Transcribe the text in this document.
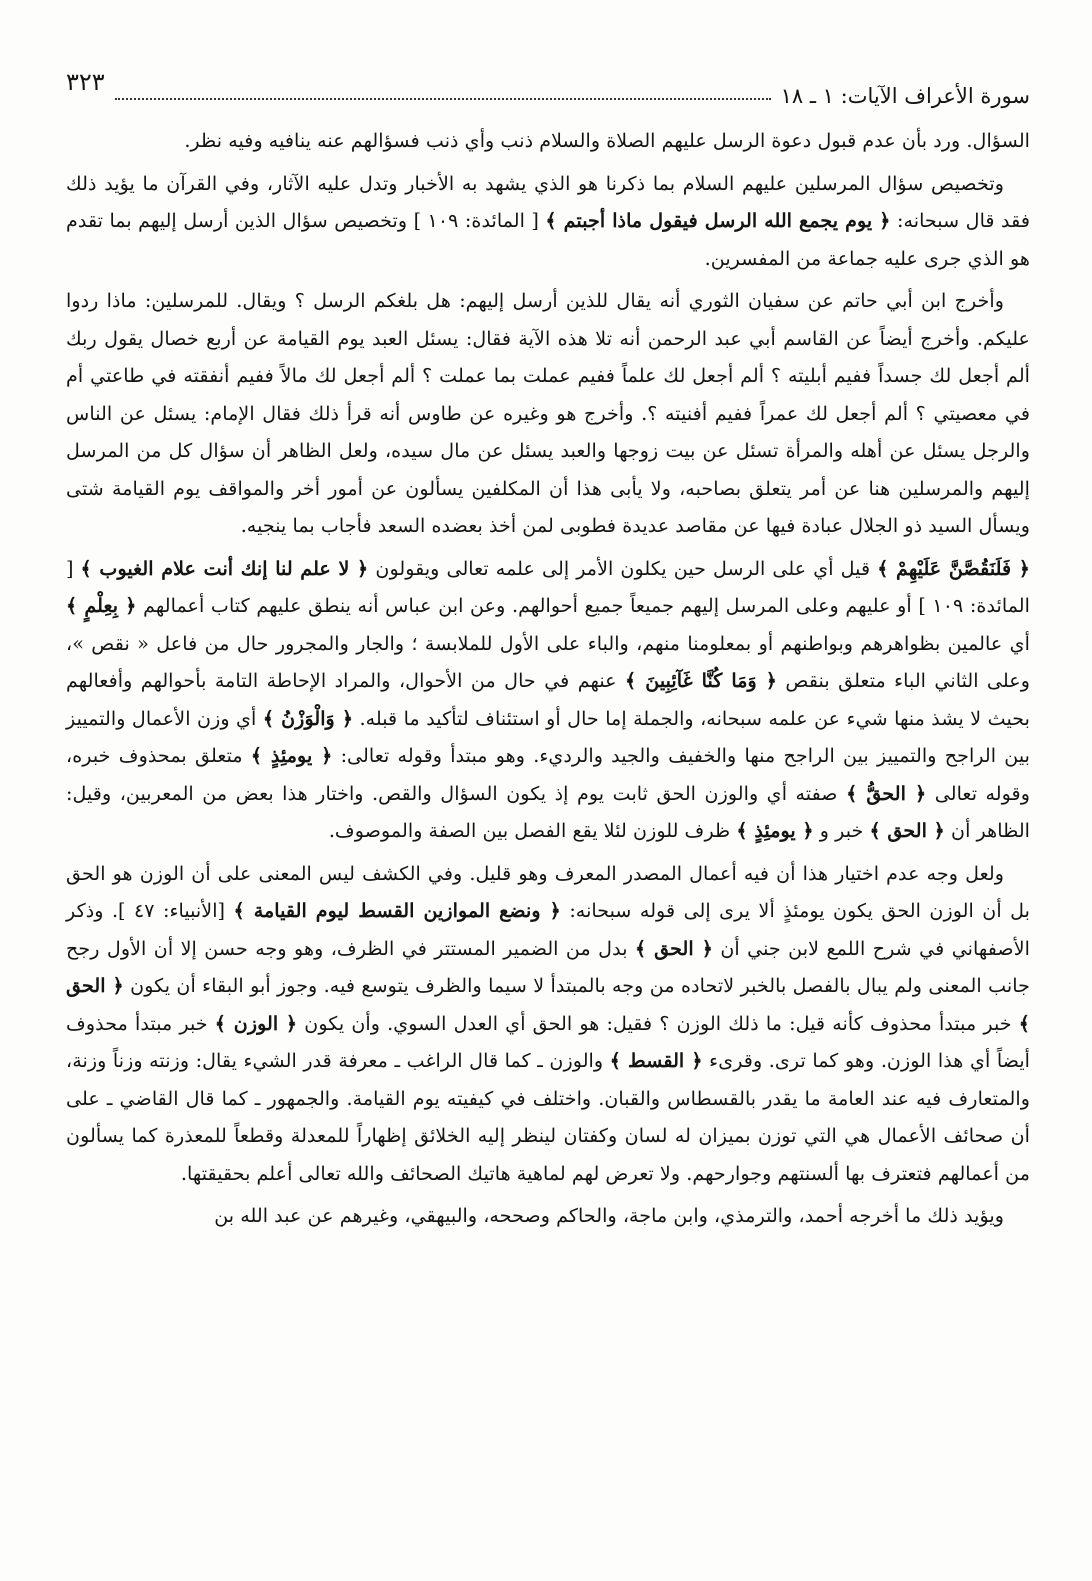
سورة الأعراف الآيات: ١ ـ ١٨
٣٢٣

السؤال. ورد بأن عدم قبول دعوة الرسل عليهم الصلاة والسلام ذنب وأي ذنب فسؤالهم عنه ينافيه وفيه نظر.

وتخصيص سؤال المرسلين عليهم السلام بما ذكرنا هو الذي يشهد به الأخبار وتدل عليه الآثار، وفي القرآن ما يؤيد ذلك فقد قال سبحانه: ﴿ يوم يجمع الله الرسل فيقول ماذا أجبتم ﴾ [ المائدة: ١٠٩ ] وتخصيص سؤال الذين أرسل إليهم بما تقدم هو الذي جرى عليه جماعة من المفسرين.

وأخرج ابن أبي حاتم عن سفيان الثوري أنه يقال للذين أرسل إليهم: هل بلغكم الرسل ؟ ويقال. للمرسلين: ماذا ردوا عليكم. وأخرج أيضاً عن القاسم أبي عبد الرحمن أنه تلا هذه الآية فقال: يسئل العبد يوم القيامة عن أربع خصال يقول ربك ألم أجعل لك جسداً ففيم أبليته ؟ ألم أجعل لك علماً ففيم عملت بما عملت ؟ ألم أجعل لك مالاً ففيم أنفقته في طاعتي أم في معصيتي ؟ ألم أجعل لك عمراً ففيم أفنيته ؟. وأخرج هو وغيره عن طاوس أنه قرأ ذلك فقال الإمام: يسئل عن الناس والرجل يسئل عن أهله والمرأة تسئل عن بيت زوجها والعبد يسئل عن مال سيده، ولعل الظاهر أن سؤال كل من المرسل إليهم والمرسلين هنا عن أمر يتعلق بصاحبه، ولا يأبى هذا أن المكلفين يسألون عن أمور أخر والمواقف يوم القيامة شتى ويسأل السيد ذو الجلال عبادة فيها عن مقاصد عديدة فطوبى لمن أخذ بعضده السعد فأجاب بما ينجيه.

﴿ فَلَنَقُصَّنَّ عَلَيْهِمْ ﴾ قيل أي على الرسل حين يكلون الأمر إلى علمه تعالى ويقولون ﴿ لا علم لنا إنك أنت علام الغيوب ﴾ [ المائدة: ١٠٩ ] أو عليهم وعلى المرسل إليهم جميعاً جميع أحوالهم. وعن ابن عباس أنه ينطق عليهم كتاب أعمالهم ﴿ بِعِلْمٍ ﴾ أي عالمين بظواهرهم وبواطنهم أو بمعلومنا منهم، والباء على الأول للملابسة ؛ والجار والمجرور حال من فاعل « نقص »، وعلى الثاني الباء متعلق بنقص ﴿ وَمَا كُنَّا غَآئِبِينَ ﴾ عنهم في حال من الأحوال، والمراد الإحاطة التامة بأحوالهم وأفعالهم بحيث لا يشذ منها شيء عن علمه سبحانه، والجملة إما حال أو استئناف لتأكيد ما قبله. ﴿ وَالْوَزْنُ ﴾ أي وزن الأعمال والتمييز بين الراجح والتمييز بين الراجح منها والخفيف والجيد والرديء. وهو مبتدأ وقوله تعالى: ﴿ يومئِذٍ ﴾ متعلق بمحذوف خبره، وقوله تعالى ﴿ الحقُّ ﴾ صفته أي والوزن الحق ثابت يوم إذ يكون السؤال والقص. واختار هذا بعض من المعربين، وقيل: الظاهر أن ﴿ الحق ﴾ خبر و ﴿ يومئِذٍ ﴾ ظرف للوزن لئلا يقع الفصل بين الصفة والموصوف.

ولعل وجه عدم اختيار هذا أن فيه أعمال المصدر المعرف وهو قليل. وفي الكشف ليس المعنى على أن الوزن هو الحق بل أن الوزن الحق يكون يومئذٍ ألا يرى إلى قوله سبحانه: ﴿ ونضع الموازين القسط ليوم القيامة ﴾ [الأنبياء: ٤٧ ]. وذكر الأصفهاني في شرح اللمع لابن جني أن ﴿ الحق ﴾ بدل من الضمير المستتر في الظرف، وهو وجه حسن إلا أن الأول رجح جانب المعنى ولم يبال بالفصل بالخبر لاتحاده من وجه بالمبتدأ لا سيما والظرف يتوسع فيه. وجوز أبو البقاء أن يكون ﴿ الحق ﴾ خبر مبتدأ محذوف كأنه قيل: ما ذلك الوزن ؟ فقيل: هو الحق أي العدل السوي. وأن يكون ﴿ الوزن ﴾ خبر مبتدأ محذوف أيضاً أي هذا الوزن. وهو كما ترى. وقرىء ﴿ القسط ﴾ والوزن ـ كما قال الراغب ـ معرفة قدر الشيء يقال: وزنته وزناً وزنة، والمتعارف فيه عند العامة ما يقدر بالقسطاس والقبان. واختلف في كيفيته يوم القيامة. والجمهور ـ كما قال القاضي ـ على أن صحائف الأعمال هي التي توزن بميزان له لسان وكفتان لينظر إليه الخلائق إظهاراً للمعدلة وقطعاً للمعذرة كما يسألون من أعمالهم فتعترف بها ألسنتهم وجوارحهم. ولا تعرض لهم لماهية هاتيك الصحائف والله تعالى أعلم بحقيقتها.

ويؤيد ذلك ما أخرجه أحمد، والترمذي، وابن ماجة، والحاكم وصححه، والبيهقي، وغيرهم عن عبد الله بن
